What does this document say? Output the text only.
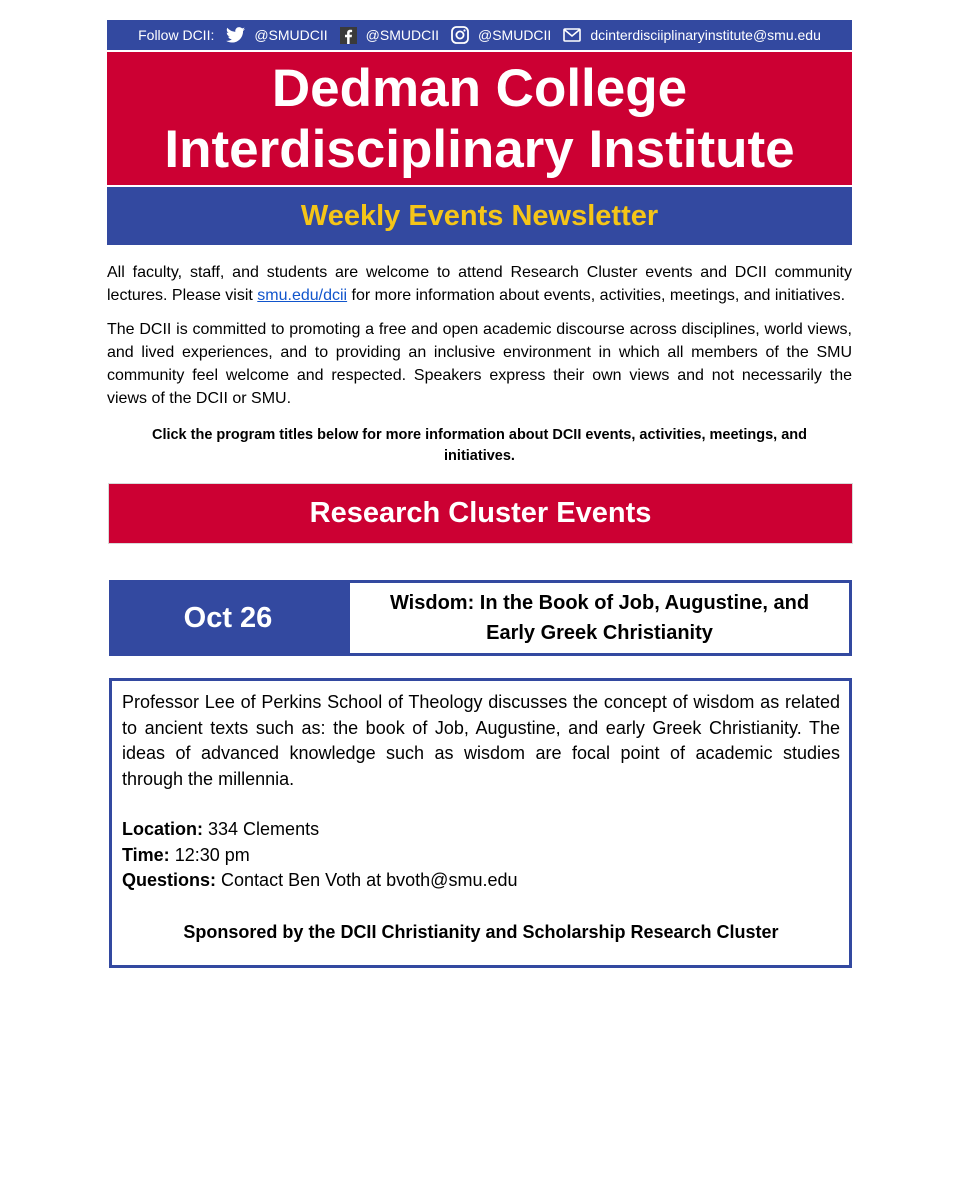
Follow DCII:	@SMUDCII	@SMUDCII	@SMUDCII	dcinterdisciiplinaryinstitute@smu.edu
Dedman College
Interdisciplinary Institute
Weekly Events Newsletter

All faculty, staff, and students are welcome to attend Research Cluster events and DCII community lectures. Please visit smu.edu/dcii for more information about events, activities, meetings, and initiatives.

The DCII is committed to promoting a free and open academic discourse across disciplines, world views, and lived experiences, and to providing an inclusive environment in which all members of the SMU community feel welcome and respected. Speakers express their own views and not necessarily the views of the DCII or SMU.

Click the program titles below for more information about DCII events, activities, meetings, and initiatives.
Research Cluster Events
Oct 26	Wisdom: In the Book of Job, Augustine, and Early Greek Christianity

Professor Lee of Perkins School of Theology discusses the concept of wisdom as related to ancient texts such as: the book of Job, Augustine, and early Greek Christianity. The ideas of advanced knowledge such as wisdom are focal point of academic studies through the millennia.

Location: 334 Clements
Time: 12:30 pm
Questions: Contact Ben Voth at bvoth@smu.edu
Sponsored by the DCII Christianity and Scholarship Research Cluster
